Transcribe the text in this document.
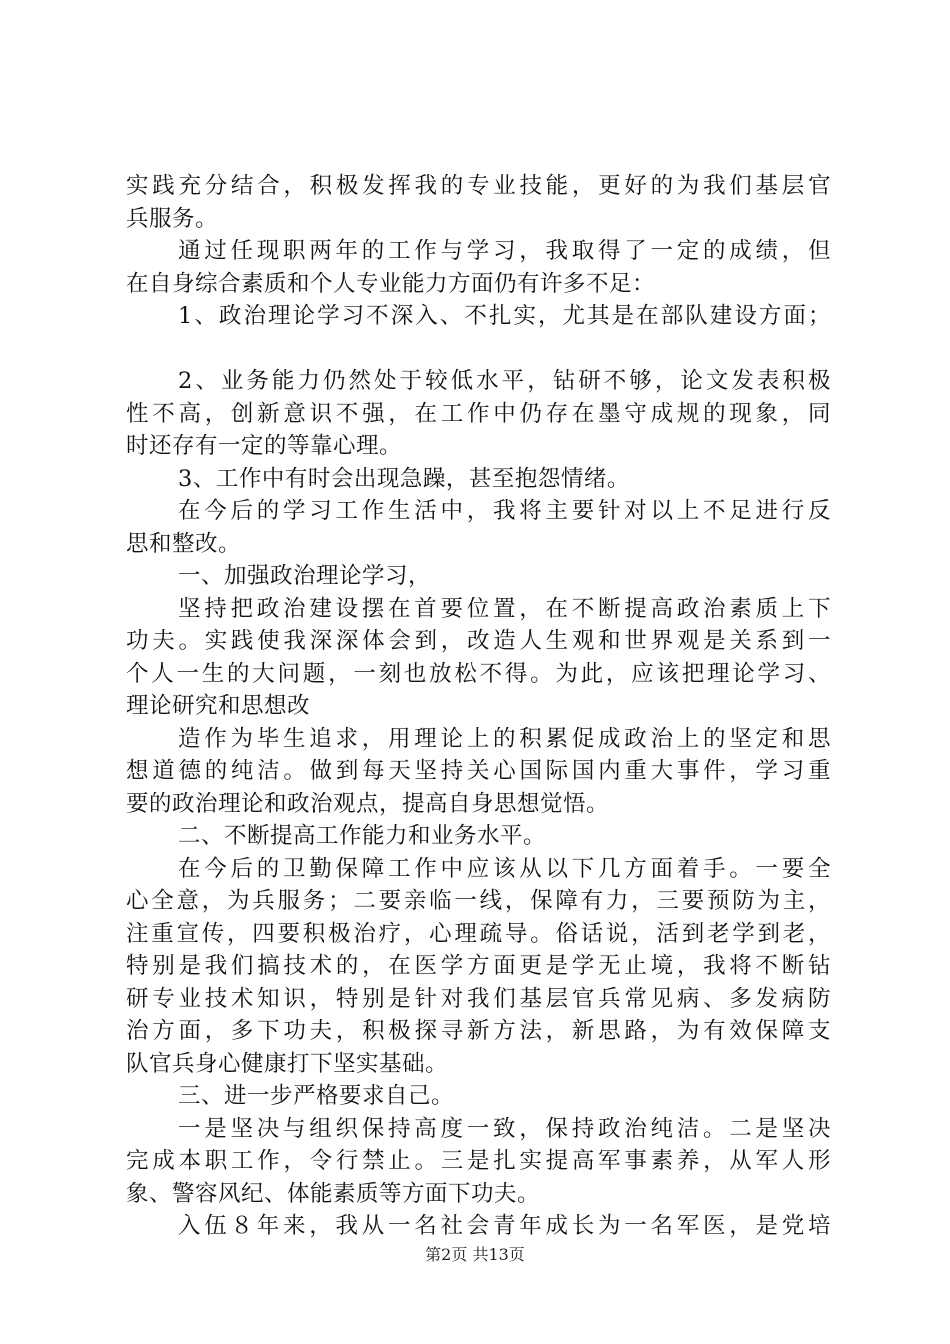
实践充分结合，积极发挥我的专业技能，更好的为我们基层官
兵服务。
通过任现职两年的工作与学习，我取得了一定的成绩，但
在自身综合素质和个人专业能力方面仍有许多不足：
1、政治理论学习不深入、不扎实，尤其是在部队建设方面；
2、业务能力仍然处于较低水平，钻研不够，论文发表积极
性不高，创新意识不强，在工作中仍存在墨守成规的现象，同
时还存有一定的等靠心理。
3、工作中有时会出现急躁，甚至抱怨情绪。
在今后的学习工作生活中，我将主要针对以上不足进行反
思和整改。
一、加强政治理论学习，
坚持把政治建设摆在首要位置，在不断提高政治素质上下
功夫。实践使我深深体会到，改造人生观和世界观是关系到一
个人一生的大问题，一刻也放松不得。为此，应该把理论学习、
理论研究和思想改
造作为毕生追求，用理论上的积累促成政治上的坚定和思
想道德的纯洁。做到每天坚持关心国际国内重大事件，学习重
要的政治理论和政治观点，提高自身思想觉悟。
二、不断提高工作能力和业务水平。
在今后的卫勤保障工作中应该从以下几方面着手。一要全
心全意，为兵服务；二要亲临一线，保障有力，三要预防为主，
注重宣传，四要积极治疗，心理疏导。俗话说，活到老学到老，
特别是我们搞技术的，在医学方面更是学无止境，我将不断钻
研专业技术知识，特别是针对我们基层官兵常见病、多发病防
治方面，多下功夫，积极探寻新方法，新思路，为有效保障支
队官兵身心健康打下坚实基础。
三、进一步严格要求自己。
一是坚决与组织保持高度一致，保持政治纯洁。二是坚决
完成本职工作，令行禁止。三是扎实提高军事素养，从军人形
象、警容风纪、体能素质等方面下功夫。
入伍８年来，我从一名社会青年成长为一名军医，是党培
第2页 共13页
